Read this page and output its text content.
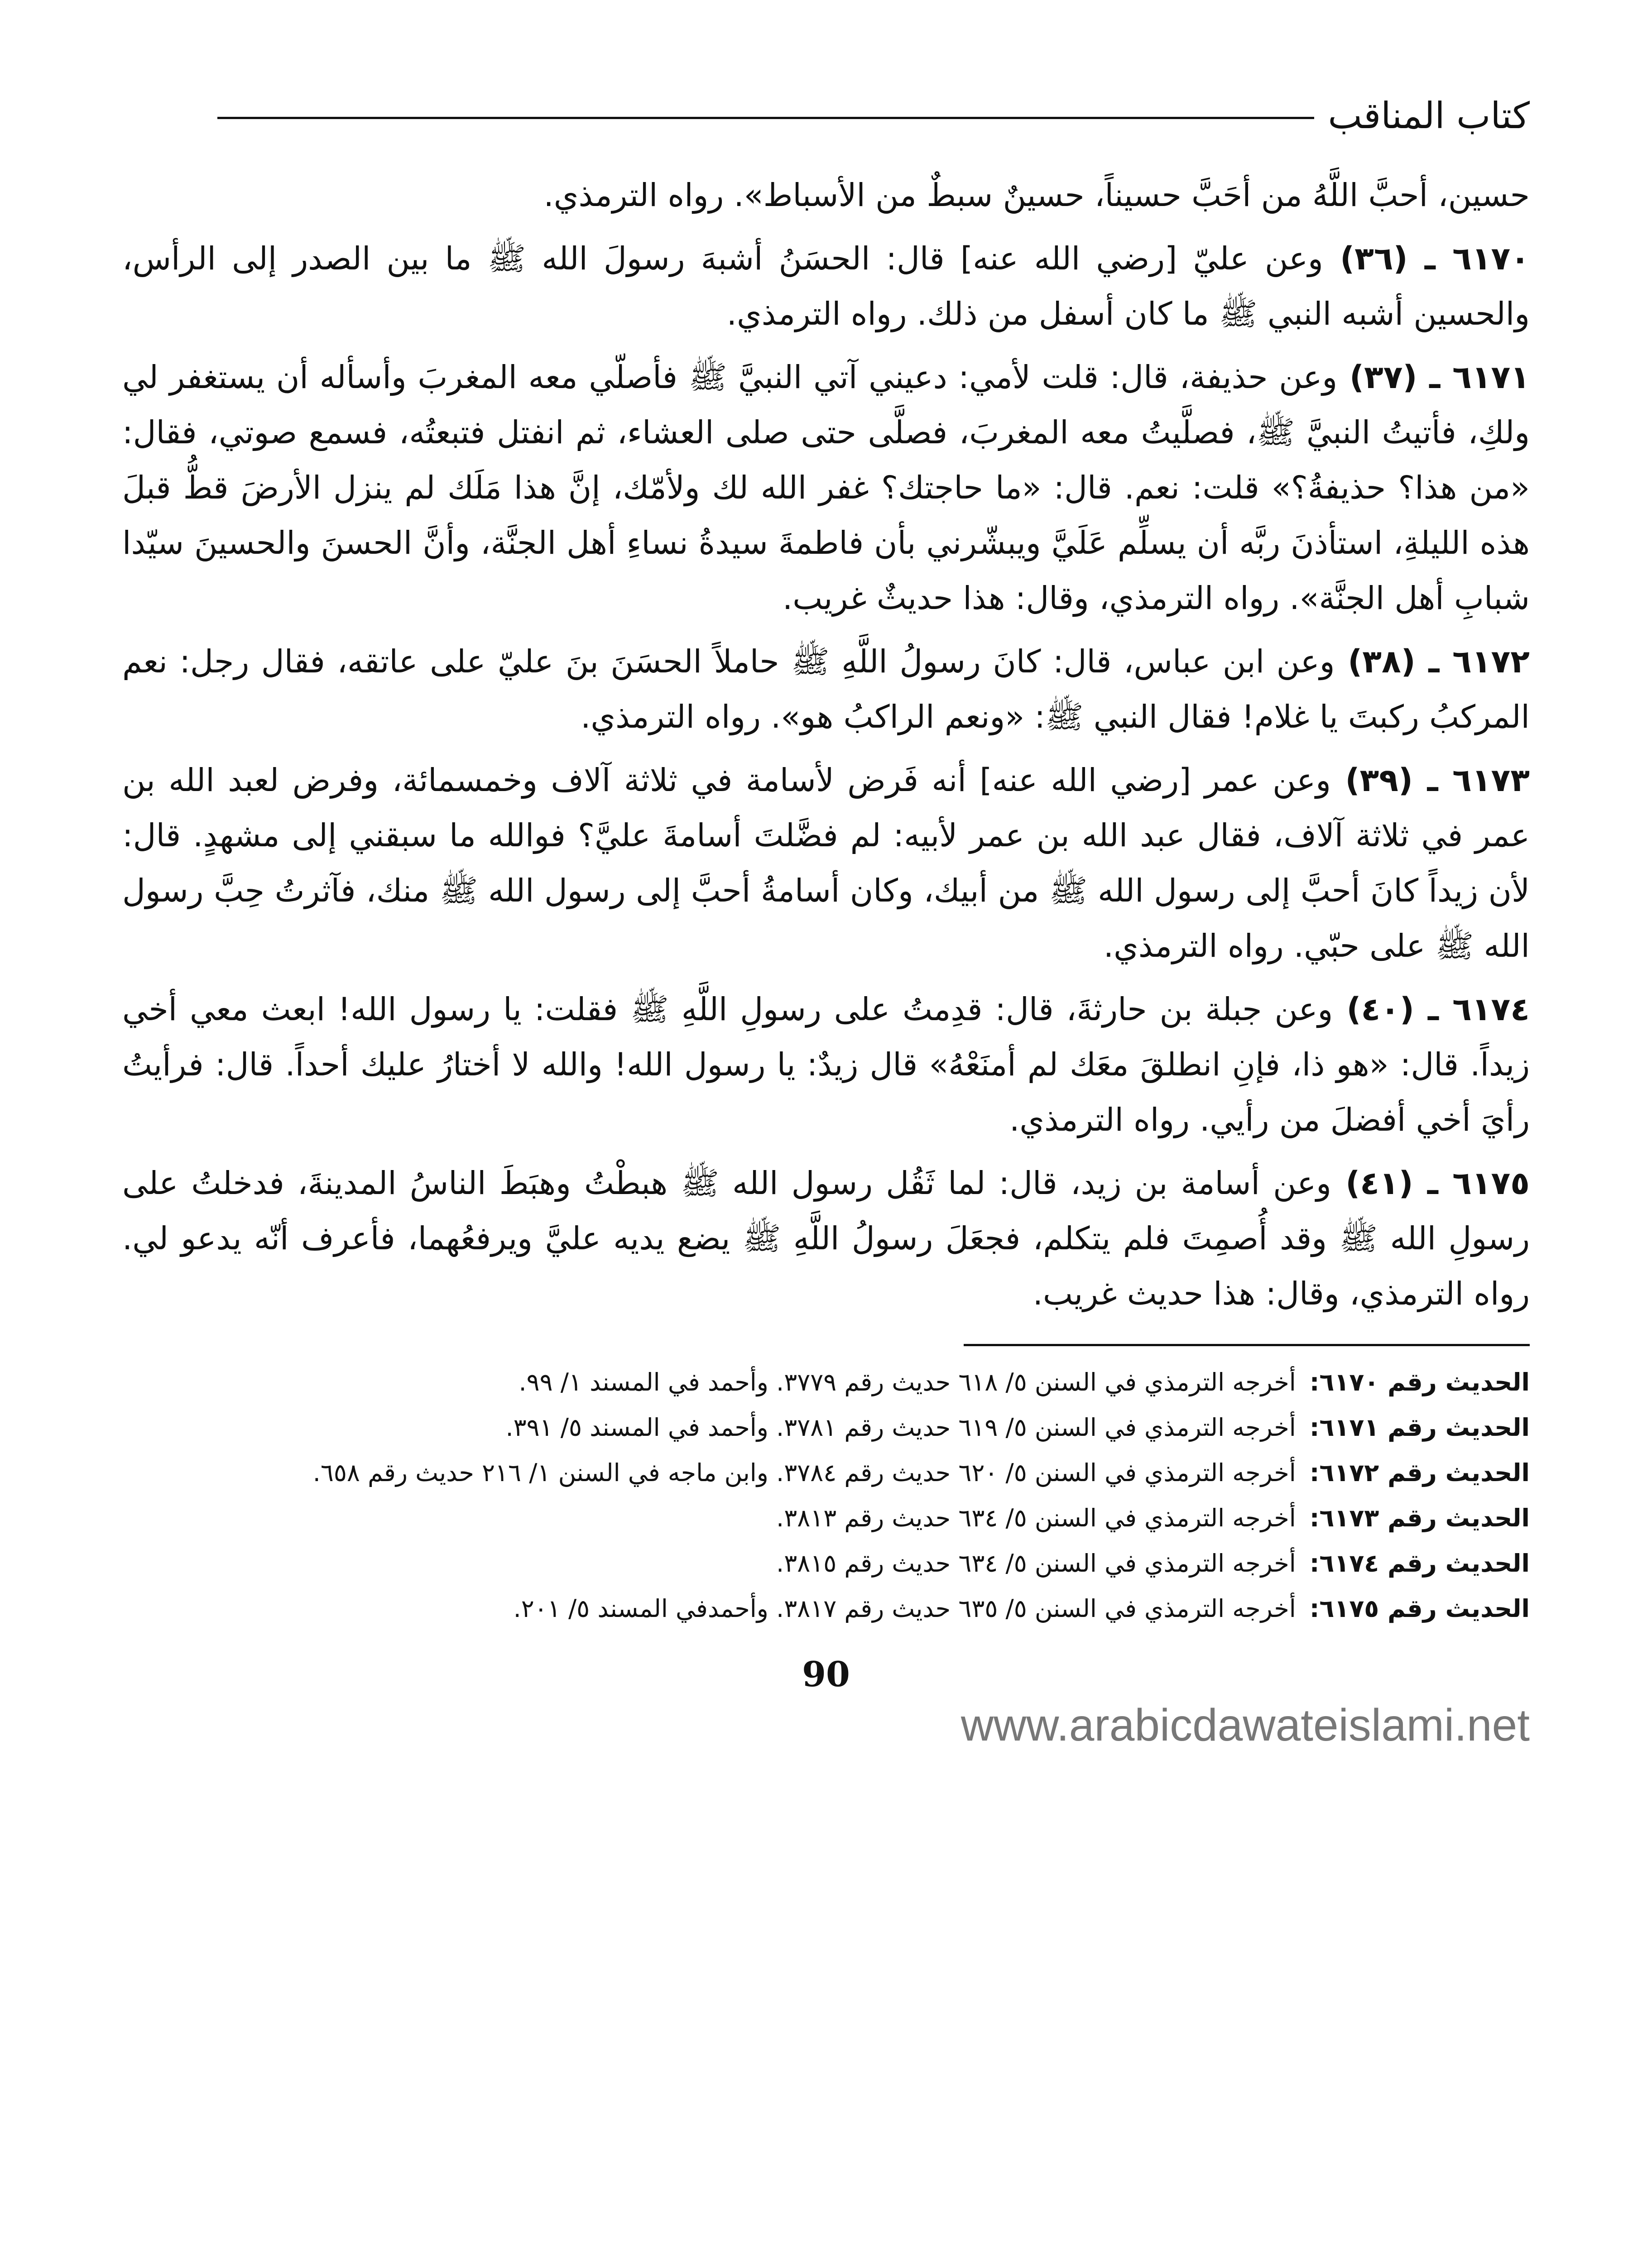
كتاب المناقب

حسين، أحبَّ اللَّهُ من أحَبَّ حسيناً، حسينٌ سبطٌ من الأسباط». رواه الترمذي.

٦١٧٠ ـ (٣٦) وعن عليّ [رضي الله عنه] قال: الحسَنُ أشبهَ رسولَ الله ﷺ ما بين الصدر إلى الرأس، والحسين أشبه النبي ﷺ ما كان أسفل من ذلك. رواه الترمذي.

٦١٧١ ـ (٣٧) وعن حذيفة، قال: قلت لأمي: دعيني آتي النبيَّ ﷺ فأصلّي معه المغربَ وأسأله أن يستغفر لي ولكِ، فأتيتُ النبيَّ ﷺ، فصلَّيتُ معه المغربَ، فصلَّى حتى صلى العشاء، ثم انفتل فتبعتُه، فسمع صوتي، فقال: «من هذا؟ حذيفةُ؟» قلت: نعم. قال: «ما حاجتك؟ غفر الله لك ولأمّك، إنَّ هذا مَلَك لم ينزل الأرضَ قطُّ قبلَ هذه الليلةِ، استأذنَ ربَّه أن يسلِّم عَلَيَّ ويبشّرني بأن فاطمةَ سيدةُ نساءِ أهل الجنَّة، وأنَّ الحسنَ والحسينَ سيّدا شبابِ أهل الجنَّة». رواه الترمذي، وقال: هذا حديثٌ غريب.

٦١٧٢ ـ (٣٨) وعن ابن عباس، قال: كانَ رسولُ اللَّهِ ﷺ حاملاً الحسَنَ بنَ عليّ على عاتقه، فقال رجل: نعم المركبُ ركبتَ يا غلام! فقال النبي ﷺ: «ونعم الراكبُ هو». رواه الترمذي.

٦١٧٣ ـ (٣٩) وعن عمر [رضي الله عنه] أنه فَرض لأسامة في ثلاثة آلاف وخمسمائة، وفرض لعبد الله بن عمر في ثلاثة آلاف، فقال عبد الله بن عمر لأبيه: لم فضَّلتَ أسامةَ عليَّ؟ فوالله ما سبقني إلى مشهدٍ. قال: لأن زيداً كانَ أحبَّ إلى رسول الله ﷺ من أبيك، وكان أسامةُ أحبَّ إلى رسول الله ﷺ منك، فآثرتُ حِبَّ رسول الله ﷺ على حبّي. رواه الترمذي.

٦١٧٤ ـ (٤٠) وعن جبلة بن حارثةَ، قال: قدِمتُ على رسولِ اللَّهِ ﷺ فقلت: يا رسول الله! ابعث معي أخي زيداً. قال: «هو ذا، فإنِ انطلقَ معَك لم أمنَعْهُ» قال زيدٌ: يا رسول الله! والله لا أختارُ عليك أحداً. قال: فرأيتُ رأيَ أخي أفضلَ من رأيي. رواه الترمذي.

٦١٧٥ ـ (٤١) وعن أسامة بن زيد، قال: لما ثَقُل رسول الله ﷺ هبطْتُ وهبَطَ الناسُ المدينةَ، فدخلتُ على رسولِ الله ﷺ وقد أُصمِتَ فلم يتكلم، فجعَلَ رسولُ اللَّهِ ﷺ يضع يديه عليَّ ويرفعُهما، فأعرف أنّه يدعو لي. رواه الترمذي، وقال: هذا حديث غريب.

الحديث رقم ٦١٧٠:
أخرجه الترمذي في السنن ٥/ ٦١٨ حديث رقم ٣٧٧٩. وأحمد في المسند ١/ ٩٩.
الحديث رقم ٦١٧١:
أخرجه الترمذي في السنن ٥/ ٦١٩ حديث رقم ٣٧٨١. وأحمد في المسند ٥/ ٣٩١.
الحديث رقم ٦١٧٢:
أخرجه الترمذي في السنن ٥/ ٦٢٠ حديث رقم ٣٧٨٤. وابن ماجه في السنن ١/ ٢١٦ حديث رقم ٦٥٨.
الحديث رقم ٦١٧٣:
أخرجه الترمذي في السنن ٥/ ٦٣٤ حديث رقم ٣٨١٣.
الحديث رقم ٦١٧٤:
أخرجه الترمذي في السنن ٥/ ٦٣٤ حديث رقم ٣٨١٥.
الحديث رقم ٦١٧٥:
أخرجه الترمذي في السنن ٥/ ٦٣٥ حديث رقم ٣٨١٧. وأحمدفي المسند ٥/ ٢٠١.
90
www.arabicdawateislami.net
